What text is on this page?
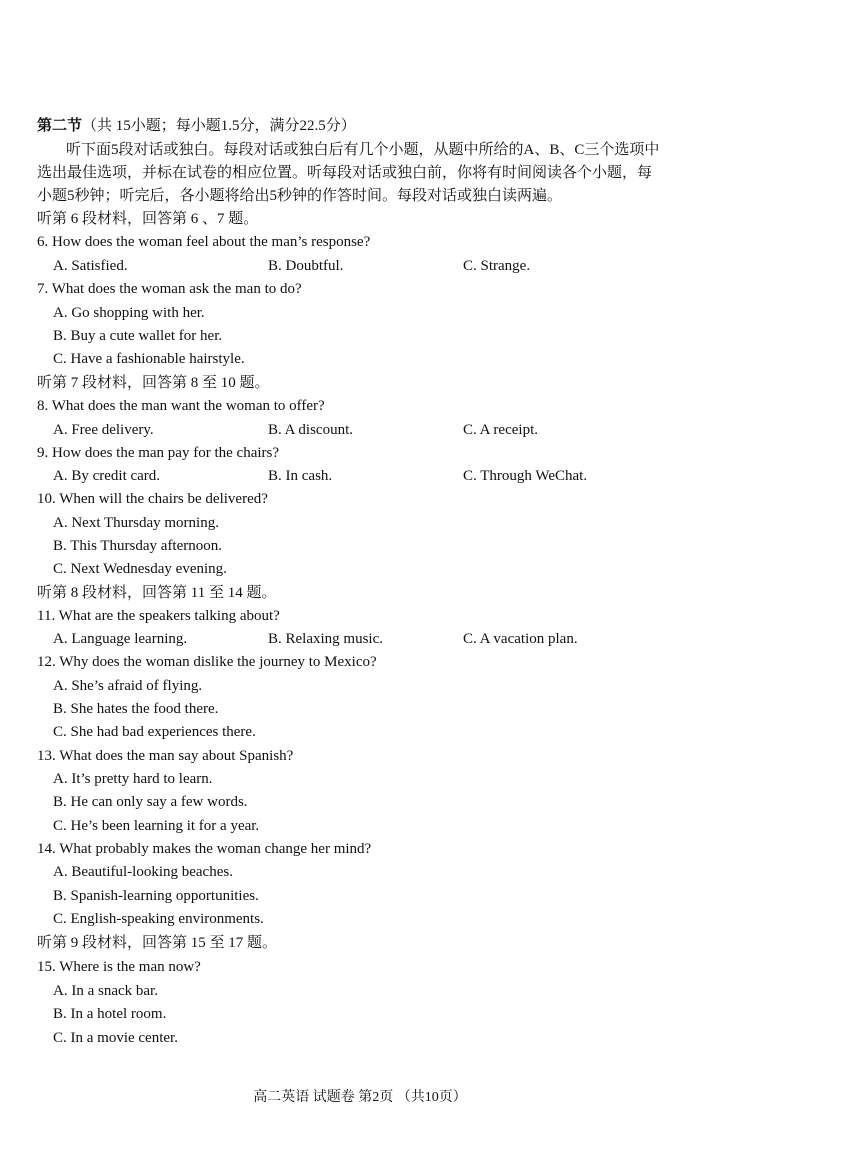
第二节（共 15小题；每小题1.5分，满分22.5分）
听下面5段对话或独白。每段对话或独白后有几个小题，从题中所给的A、B、C三个选项中
选出最佳选项，并标在试卷的相应位置。听每段对话或独白前，你将有时间阅读各个小题，每
小题5秒钟；听完后，各小题将给出5秒钟的作答时间。每段对话或独白读两遍。
听第 6 段材料，回答第 6 、7 题。
6. How does the woman feel about the man’s response?
A. Satisfied.	B. Doubtful.	C. Strange.
7. What does the woman ask the man to do?
A. Go shopping with her.
B. Buy a cute wallet for her.
C. Have a fashionable hairstyle.
听第 7 段材料，回答第 8 至 10 题。
8. What does the man want the woman to offer?
A. Free delivery.	B. A discount.	C. A receipt.
9. How does the man pay for the chairs?
A. By credit card.	B. In cash.	C. Through WeChat.
10. When will the chairs be delivered?
A. Next Thursday morning.
B. This Thursday afternoon.
C. Next Wednesday evening.
听第 8 段材料，回答第 11 至 14 题。
11. What are the speakers talking about?
A. Language learning.	B. Relaxing music.	C. A vacation plan.
12. Why does the woman dislike the journey to Mexico?
A. She’s afraid of flying.
B. She hates the food there.
C. She had bad experiences there.
13. What does the man say about Spanish?
A. It’s pretty hard to learn.
B. He can only say a few words.
C. He’s been learning it for a year.
14. What probably makes the woman change her mind?
A. Beautiful-looking beaches.
B. Spanish-learning opportunities.
C. English-speaking environments.
听第 9 段材料，回答第 15 至 17 题。
15. Where is the man now?
A. In a snack bar.
B. In a hotel room.
C. In a movie center.
高二英语 试题卷 第2页 （共10页）
